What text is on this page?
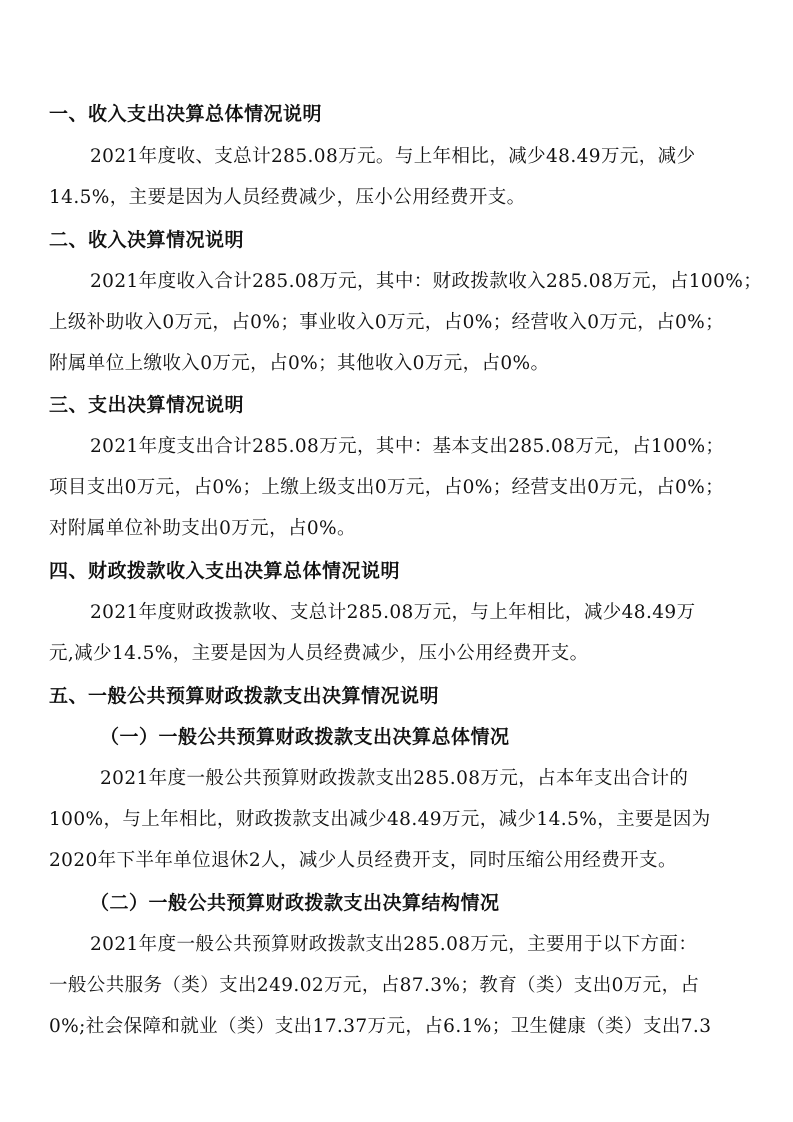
一、收入支出决算总体情况说明
2021年度收、支总计285.08万元。与上年相比，减少48.49万元，减少
14.5%，主要是因为人员经费减少，压小公用经费开支。
二、收入决算情况说明
2021年度收入合计285.08万元，其中：财政拨款收入285.08万元，占100%；
上级补助收入0万元，占0%；事业收入0万元，占0%；经营收入0万元，占0%；
附属单位上缴收入0万元，占0%；其他收入0万元，占0%。
三、支出决算情况说明
2021年度支出合计285.08万元，其中：基本支出285.08万元，占100%；
项目支出0万元，占0%；上缴上级支出0万元，占0%；经营支出0万元，占0%；
对附属单位补助支出0万元，占0%。
四、财政拨款收入支出决算总体情况说明
2021年度财政拨款收、支总计285.08万元，与上年相比，减少48.49万
元,减少14.5%，主要是因为人员经费减少，压小公用经费开支。
五、一般公共预算财政拨款支出决算情况说明
（一）一般公共预算财政拨款支出决算总体情况
2021年度一般公共预算财政拨款支出285.08万元，占本年支出合计的
100%，与上年相比，财政拨款支出减少48.49万元，减少14.5%，主要是因为
2020年下半年单位退休2人，减少人员经费开支，同时压缩公用经费开支。
（二）一般公共预算财政拨款支出决算结构情况
2021年度一般公共预算财政拨款支出285.08万元，主要用于以下方面：
一般公共服务（类）支出249.02万元，占87.3%；教育（类）支出0万元，占
0%;社会保障和就业（类）支出17.37万元，占6.1%；卫生健康（类）支出7.3
